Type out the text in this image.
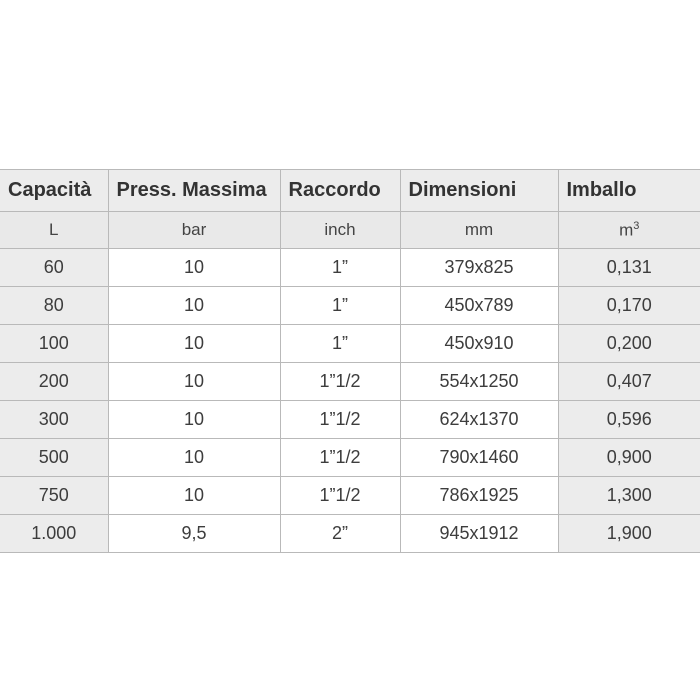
Capacità	Press. Massima	Raccordo	Dimensioni	Imballo
L	bar	inch	mm	$m^3$
60	10	1”	379x825	0,131
80	10	1”	450x789	0,170
100	10	1”	450x910	0,200
200	10	1”1/2	554x1250	0,407
300	10	1”1/2	624x1370	0,596
500	10	1”1/2	790x1460	0,900
750	10	1”1/2	786x1925	1,300
1.000	9,5	2”	945x1912	1,900
